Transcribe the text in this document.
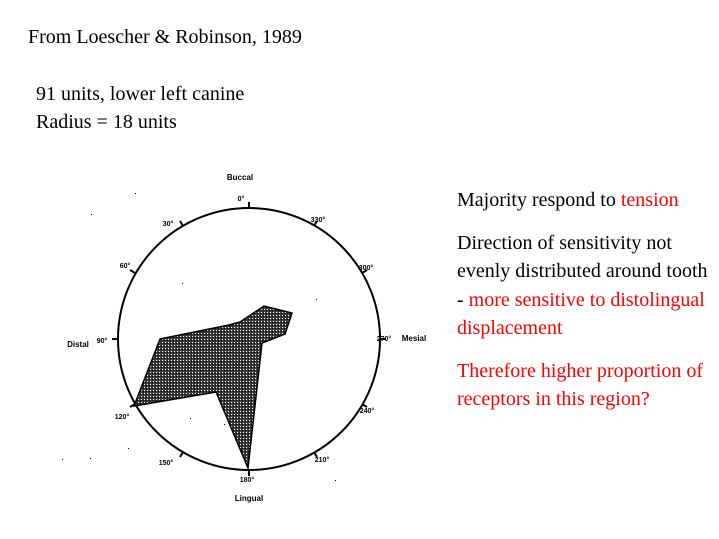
From Loescher & Robinson, 1989
91 units, lower left canine
Radius = 18 units
Buccal
Lingual
Distal
Mesial
0°
30°
60°
90°
120°
150°
180°
210°
240°
270°
300°
330°

Majority respond to tension

Direction of sensitivity not evenly distributed around tooth - more sensitive to distolingual displacement

Therefore higher proportion of receptors in this region?
